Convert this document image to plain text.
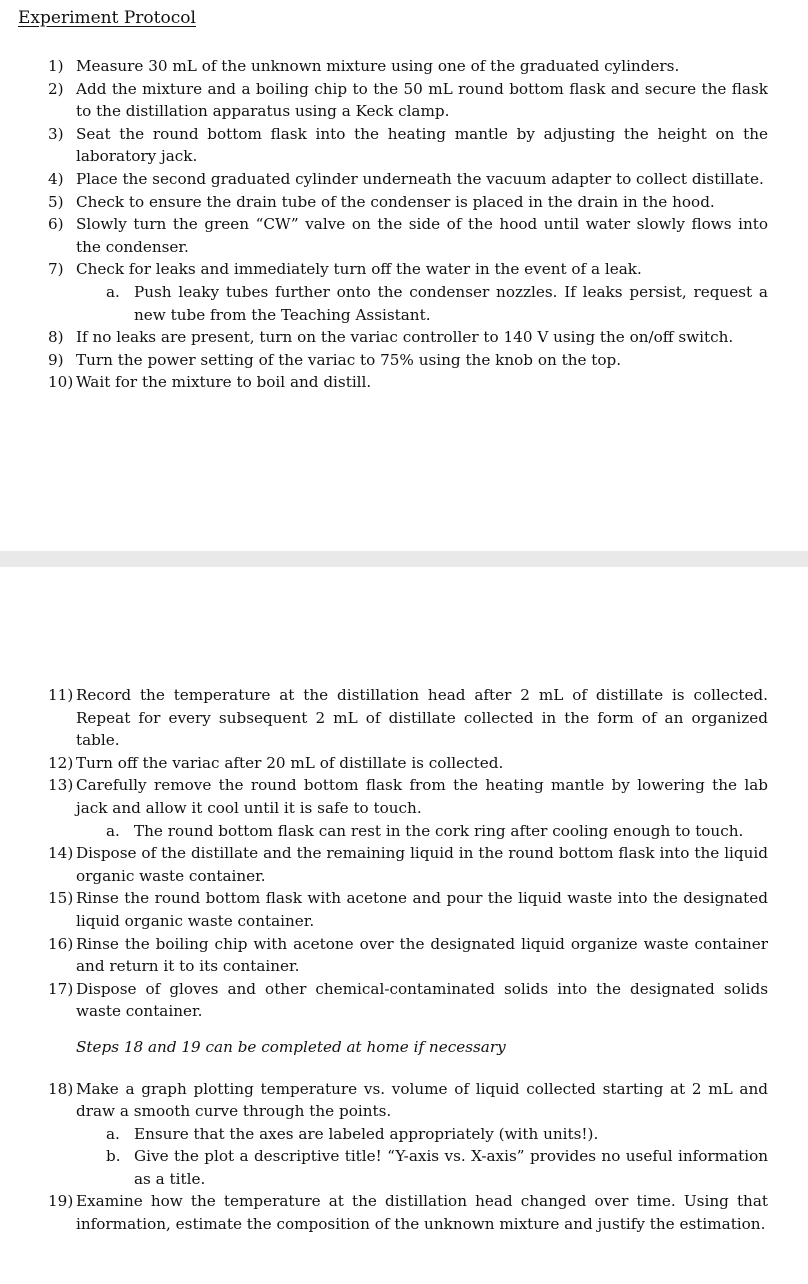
Experiment Protocol
1) Measure 30 mL of the unknown mixture using one of the graduated cylinders.
2) Add the mixture and a boiling chip to the 50 mL round bottom flask and secure the flask to the distillation apparatus using a Keck clamp.
3) Seat the round bottom flask into the heating mantle by adjusting the height on the laboratory jack.
4) Place the second graduated cylinder underneath the vacuum adapter to collect distillate.
5) Check to ensure the drain tube of the condenser is placed in the drain in the hood.
6) Slowly turn the green “CW” valve on the side of the hood until water slowly flows into the condenser.
7) Check for leaks and immediately turn off the water in the event of a leak.
a. Push leaky tubes further onto the condenser nozzles. If leaks persist, request a new tube from the Teaching Assistant.
8) If no leaks are present, turn on the variac controller to 140 V using the on/off switch.
9) Turn the power setting of the variac to 75% using the knob on the top.
10) Wait for the mixture to boil and distill.
11) Record the temperature at the distillation head after 2 mL of distillate is collected. Repeat for every subsequent 2 mL of distillate collected in the form of an organized table.
12) Turn off the variac after 20 mL of distillate is collected.
13) Carefully remove the round bottom flask from the heating mantle by lowering the lab jack and allow it cool until it is safe to touch.
a. The round bottom flask can rest in the cork ring after cooling enough to touch.
14) Dispose of the distillate and the remaining liquid in the round bottom flask into the liquid organic waste container.
15) Rinse the round bottom flask with acetone and pour the liquid waste into the designated liquid organic waste container.
16) Rinse the boiling chip with acetone over the designated liquid organize waste container and return it to its container.
17) Dispose of gloves and other chemical-contaminated solids into the designated solids waste container.
Steps 18 and 19 can be completed at home if necessary
18) Make a graph plotting temperature vs. volume of liquid collected starting at 2 mL and draw a smooth curve through the points.
a. Ensure that the axes are labeled appropriately (with units!).
b. Give the plot a descriptive title! “Y-axis vs. X-axis” provides no useful information as a title.
19) Examine how the temperature at the distillation head changed over time. Using that information, estimate the composition of the unknown mixture and justify the estimation.
